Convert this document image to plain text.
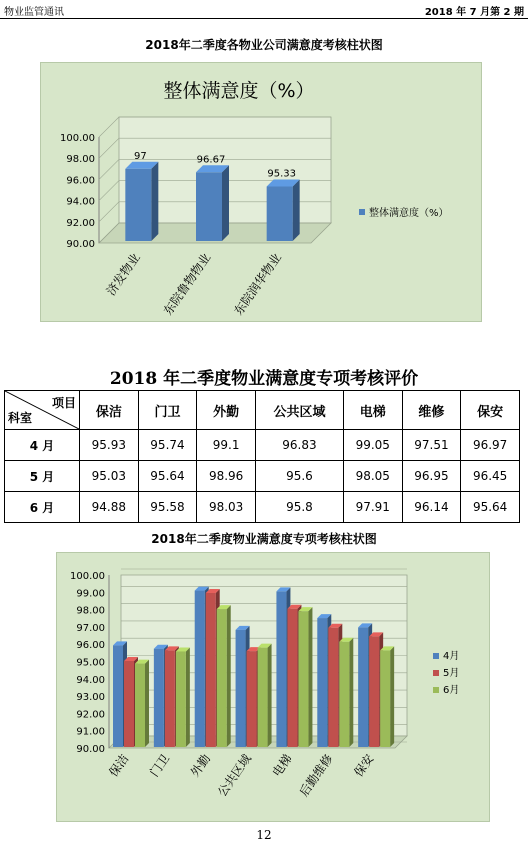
物业监管通讯	2018 年 7 月第 2 期
2018年二季度各物业公司满意度考核柱状图
整体满意度（%）
100.00
98.00
96.00
94.00
92.00
90.00
97
济发物业
96.67
东院鲁物物业
95.33
东院润华物业
整体满意度（%）
2018 年二季度物业满意度专项考核评价
项目
科室	保洁	门卫	外勤	公共区域	电梯	维修	保安
4 月	95.93	95.74	99.1	96.83	99.05	97.51	96.97
5 月	95.03	95.64	98.96	95.6	98.05	96.95	96.45
6 月	94.88	95.58	98.03	95.8	97.91	96.14	95.64
2018年二季度物业满意度专项考核柱状图
100.00
99.00
98.00
97.00
96.00
95.00
94.00
93.00
92.00
91.00
90.00
保洁 门卫 外勤 公共区域 电梯 后勤维修 保安
4月
5月
6月
12
